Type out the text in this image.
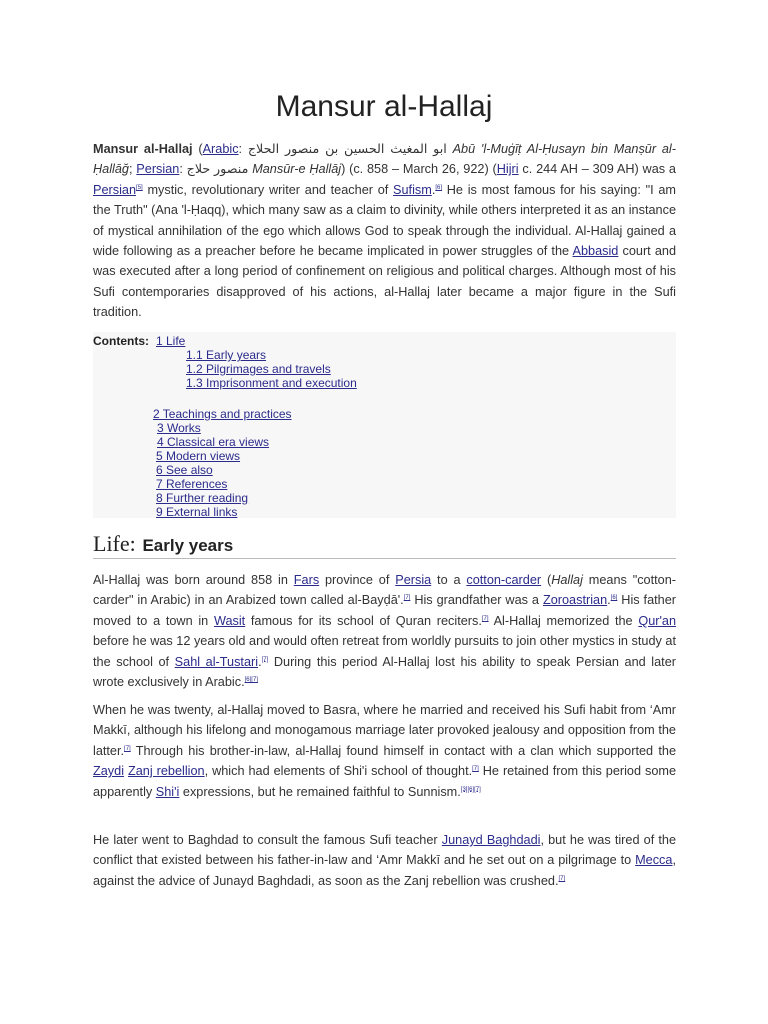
Mansur al-Hallaj
Mansur al-Hallaj (Arabic: ابو المغيث الحسين بن منصور الحلاج Abū 'l-Muġīṭ Al-Ḥusayn bin Manṣūr al-Ḥallāğ; Persian: منصور حلاج Mansūr-e Ḥallāj) (c. 858 – March 26, 922) (Hijri c. 244 AH – 309 AH) was a Persian[5] mystic, revolutionary writer and teacher of Sufism.[6] He is most famous for his saying: "I am the Truth" (Ana 'l-Ḥaqq), which many saw as a claim to divinity, while others interpreted it as an instance of mystical annihilation of the ego which allows God to speak through the individual. Al-Hallaj gained a wide following as a preacher before he became implicated in power struggles of the Abbasid court and was executed after a long period of confinement on religious and political charges. Although most of his Sufi contemporaries disapproved of his actions, al-Hallaj later became a major figure in the Sufi tradition.
Contents: 1 Life
1.1 Early years
1.2 Pilgrimages and travels
1.3 Imprisonment and execution
2 Teachings and practices
3 Works
4 Classical era views
5 Modern views
6 See also
7 References
8 Further reading
9 External links
Life: Early years
Al-Hallaj was born around 858 in Fars province of Persia to a cotton-carder (Hallaj means "cotton-carder" in Arabic) in an Arabized town called al-Bayḍā'.[7] His grandfather was a Zoroastrian.[6] His father moved to a town in Wasit famous for its school of Quran reciters.[7] Al-Hallaj memorized the Qur'an before he was 12 years old and would often retreat from worldly pursuits to join other mystics in study at the school of Sahl al-Tustari.[7] During this period Al-Hallaj lost his ability to speak Persian and later wrote exclusively in Arabic.[6][7]
When he was twenty, al-Hallaj moved to Basra, where he married and received his Sufi habit from ‘Amr Makkī, although his lifelong and monogamous marriage later provoked jealousy and opposition from the latter.[7] Through his brother-in-law, al-Hallaj found himself in contact with a clan which supported the Zaydi Zanj rebellion, which had elements of Shi'i school of thought.[7] He retained from this period some apparently Shi'i expressions, but he remained faithful to Sunnism.[3][6][7]
He later went to Baghdad to consult the famous Sufi teacher Junayd Baghdadi, but he was tired of the conflict that existed between his father-in-law and ‘Amr Makkī and he set out on a pilgrimage to Mecca, against the advice of Junayd Baghdadi, as soon as the Zanj rebellion was crushed.[7]
